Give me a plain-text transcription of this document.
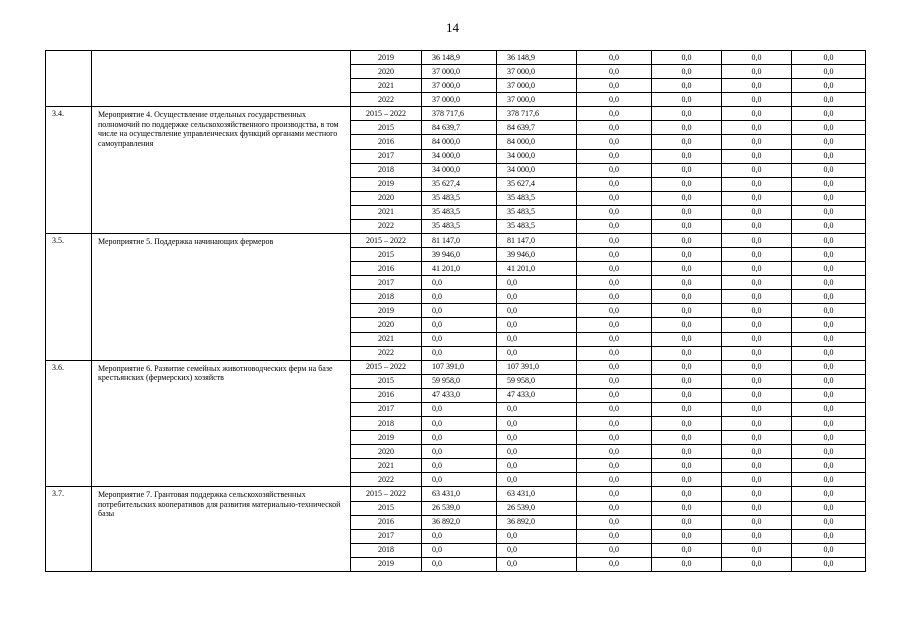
14
		2019	36 148,9	36 148,9	0,0	0,0	0,0	0,0
		2020	37 000,0	37 000,0	0,0	0,0	0,0	0,0
		2021	37 000,0	37 000,0	0,0	0,0	0,0	0,0
		2022	37 000,0	37 000,0	0,0	0,0	0,0	0,0
3.4.	Мероприятие 4. Осуществление отдельных государственных полномочий по поддержке сельскохозяйственного производства, в том числе на осуществление управленческих функций органами местного самоуправления	2015 – 2022	378 717,6	378 717,6	0,0	0,0	0,0	0,0
		2015	84 639,7	84 639,7	0,0	0,0	0,0	0,0
		2016	84 000,0	84 000,0	0,0	0,0	0,0	0,0
		2017	34 000,0	34 000,0	0,0	0,0	0,0	0,0
		2018	34 000,0	34 000,0	0,0	0,0	0,0	0,0
		2019	35 627,4	35 627,4	0,0	0,0	0,0	0,0
		2020	35 483,5	35 483,5	0,0	0,0	0,0	0,0
		2021	35 483,5	35 483,5	0,0	0,0	0,0	0,0
		2022	35 483,5	35 483,5	0,0	0,0	0,0	0,0
3.5.	Мероприятие 5. Поддержка начинающих фермеров	2015 – 2022	81 147,0	81 147,0	0,0	0,0	0,0	0,0
		2015	39 946,0	39 946,0	0,0	0,0	0,0	0,0
		2016	41 201,0	41 201,0	0,0	0,0	0,0	0,0
		2017	0,0	0,0	0,0	0,0	0,0	0,0
		2018	0,0	0,0	0,0	0,0	0,0	0,0
		2019	0,0	0,0	0,0	0,0	0,0	0,0
		2020	0,0	0,0	0,0	0,0	0,0	0,0
		2021	0,0	0,0	0,0	0,0	0,0	0,0
		2022	0,0	0,0	0,0	0,0	0,0	0,0
3.6.	Мероприятие 6. Развитие семейных животноводческих ферм на базе крестьянских (фермерских) хозяйств	2015 – 2022	107 391,0	107 391,0	0,0	0,0	0,0	0,0
		2015	59 958,0	59 958,0	0,0	0,0	0,0	0,0
		2016	47 433,0	47 433,0	0,0	0,0	0,0	0,0
		2017	0,0	0,0	0,0	0,0	0,0	0,0
		2018	0,0	0,0	0,0	0,0	0,0	0,0
		2019	0,0	0,0	0,0	0,0	0,0	0,0
		2020	0,0	0,0	0,0	0,0	0,0	0,0
		2021	0,0	0,0	0,0	0,0	0,0	0,0
		2022	0,0	0,0	0,0	0,0	0,0	0,0
3.7.	Мероприятие 7. Грантовая поддержка сельскохозяйственных потребительских кооперативов для развития материально-технической базы	2015 – 2022	63 431,0	63 431,0	0,0	0,0	0,0	0,0
		2015	26 539,0	26 539,0	0,0	0,0	0,0	0,0
		2016	36 892,0	36 892,0	0,0	0,0	0,0	0,0
		2017	0,0	0,0	0,0	0,0	0,0	0,0
		2018	0,0	0,0	0,0	0,0	0,0	0,0
		2019	0,0	0,0	0,0	0,0	0,0	0,0
